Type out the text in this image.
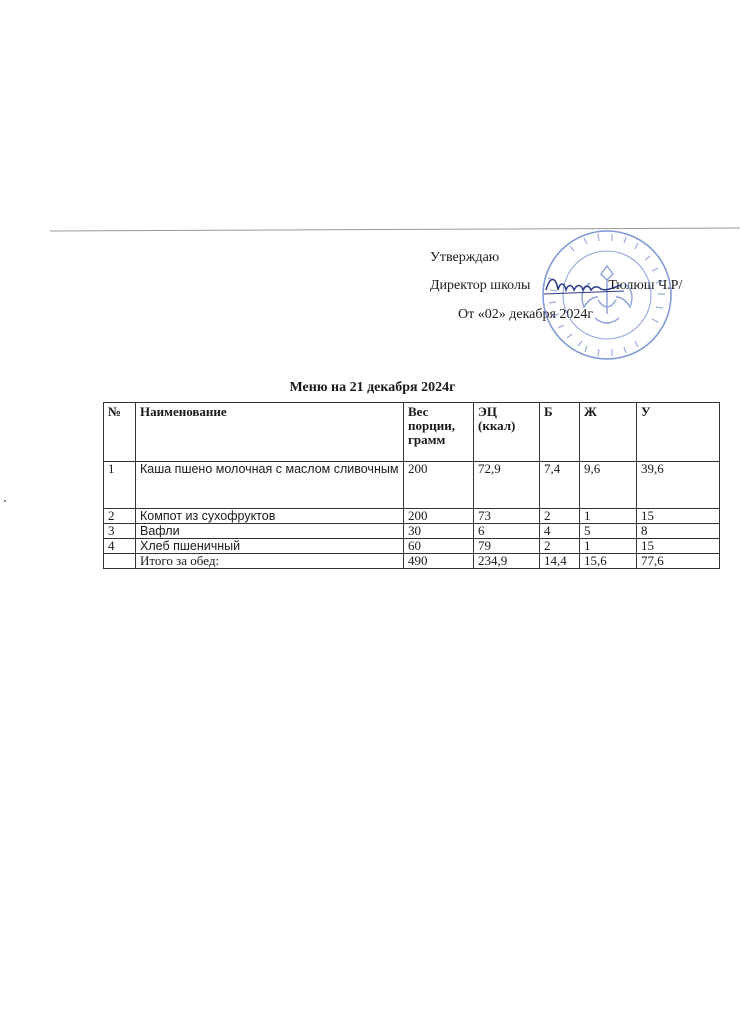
Утверждаю
Директор школы	Тюлюш Ч.Р/
От «02» декабря 2024г
Меню на 21 декабря 2024г
№	Наименование	Вес порции, грамм	ЭЦ (ккал)	Б	Ж	У
1	Каша пшено молочная с маслом сливочным	200	72,9	7,4	9,6	39,6
2	Компот из сухофруктов	200	73	2	1	15
3	Вафли	30	6	4	5	8
4	Хлеб пшеничный	60	79	2	1	15
	Итого за обед:	490	234,9	14,4	15,6	77,6
